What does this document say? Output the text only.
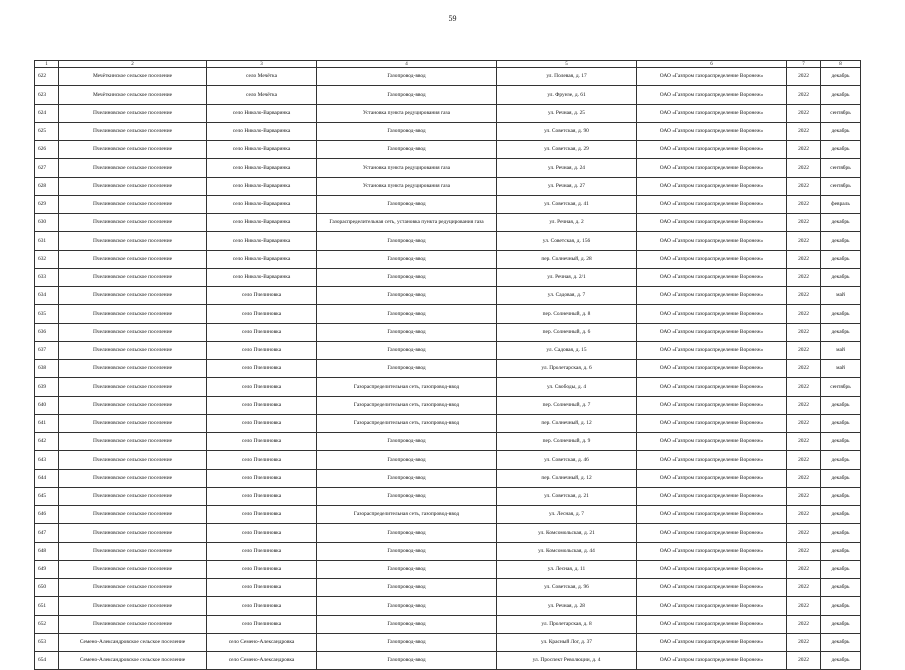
59
1	2	3	4	5	6	7	8
622	Мечёткинское сельское поселение	село Мечётка	Газопровод-ввод	ул. Полевая, д. 17	ОАО «Газпром газораспределение Воронеж»	2022	декабрь
623	Мечёткинское сельское поселение	село Мечётка	Газопровод-ввод	ул. Фрунзе, д. 61	ОАО «Газпром газораспределение Воронеж»	2022	декабрь
624	Пчелиновское сельское поселение	село Николо-Варваринка	Установка пункта редуцирования газа	ул. Речная, д. 25	ОАО «Газпром газораспределение Воронеж»	2022	сентябрь
625	Пчелиновское сельское поселение	село Николо-Варваринка	Газопровод-ввод	ул. Советская, д. 90	ОАО «Газпром газораспределение Воронеж»	2022	декабрь
626	Пчелиновское сельское поселение	село Николо-Варваринка	Газопровод-ввод	ул. Советская, д. 29	ОАО «Газпром газораспределение Воронеж»	2022	декабрь
627	Пчелиновское сельское поселение	село Николо-Варваринка	Установка пункта редуцирования газа	ул. Речная, д. 24	ОАО «Газпром газораспределение Воронеж»	2022	сентябрь
628	Пчелиновское сельское поселение	село Николо-Варваринка	Установка пункта редуцирования газа	ул. Речная, д. 27	ОАО «Газпром газораспределение Воронеж»	2022	сентябрь
629	Пчелиновское сельское поселение	село Николо-Варваринка	Газопровод-ввод	ул. Советская, д. 41	ОАО «Газпром газораспределение Воронеж»	2022	февраль
630	Пчелиновское сельское поселение	село Николо-Варваринка	Газораспределительная сеть, установка пункта редуцирования газа	ул. Речная, д. 2	ОАО «Газпром газораспределение Воронеж»	2022	декабрь
631	Пчелиновское сельское поселение	село Николо-Варваринка	Газопровод-ввод	ул. Советская, д. 156	ОАО «Газпром газораспределение Воронеж»	2022	декабрь
632	Пчелиновское сельское поселение	село Николо-Варваринка	Газопровод-ввод	пер. Солнечный, д. 28	ОАО «Газпром газораспределение Воронеж»	2022	декабрь
633	Пчелиновское сельское поселение	село Николо-Варваринка	Газопровод-ввод	ул. Речная, д. 2/1	ОАО «Газпром газораспределение Воронеж»	2022	декабрь
634	Пчелиновское сельское поселение	село Пчелиновка	Газопровод-ввод	ул. Садовая, д. 7	ОАО «Газпром газораспределение Воронеж»	2022	май
635	Пчелиновское сельское поселение	село Пчелиновка	Газопровод-ввод	пер. Солнечный, д. 8	ОАО «Газпром газораспределение Воронеж»	2022	декабрь
636	Пчелиновское сельское поселение	село Пчелиновка	Газопровод-ввод	пер. Солнечный, д. 6	ОАО «Газпром газораспределение Воронеж»	2022	декабрь
637	Пчелиновское сельское поселение	село Пчелиновка	Газопровод-ввод	ул. Садовая, д. 15	ОАО «Газпром газораспределение Воронеж»	2022	май
638	Пчелиновское сельское поселение	село Пчелиновка	Газопровод-ввод	ул. Пролетарская, д. 6	ОАО «Газпром газораспределение Воронеж»	2022	май
639	Пчелиновское сельское поселение	село Пчелиновка	Газораспределительная сеть, газопровод-ввод	ул. Свободы, д. 4	ОАО «Газпром газораспределение Воронеж»	2022	сентябрь
640	Пчелиновское сельское поселение	село Пчелиновка	Газораспределительная сеть, газопровод-ввод	пер. Солнечный, д. 7	ОАО «Газпром газораспределение Воронеж»	2022	декабрь
641	Пчелиновское сельское поселение	село Пчелиновка	Газораспределительная сеть, газопровод-ввод	пер. Солнечный, д. 12	ОАО «Газпром газораспределение Воронеж»	2022	декабрь
642	Пчелиновское сельское поселение	село Пчелиновка	Газопровод-ввод	пер. Солнечный, д. 9	ОАО «Газпром газораспределение Воронеж»	2022	декабрь
643	Пчелиновское сельское поселение	село Пчелиновка	Газопровод-ввод	ул. Советская, д. 46	ОАО «Газпром газораспределение Воронеж»	2022	декабрь
644	Пчелиновское сельское поселение	село Пчелиновка	Газопровод-ввод	пер. Солнечный, д. 12	ОАО «Газпром газораспределение Воронеж»	2022	декабрь
645	Пчелиновское сельское поселение	село Пчелиновка	Газопровод-ввод	ул. Советская, д. 21	ОАО «Газпром газораспределение Воронеж»	2022	декабрь
646	Пчелиновское сельское поселение	село Пчелиновка	Газораспределительная сеть, газопровод-ввод	ул. Лесная, д. 7	ОАО «Газпром газораспределение Воронеж»	2022	декабрь
647	Пчелиновское сельское поселение	село Пчелиновка	Газопровод-ввод	ул. Комсомольская, д. 21	ОАО «Газпром газораспределение Воронеж»	2022	декабрь
648	Пчелиновское сельское поселение	село Пчелиновка	Газопровод-ввод	ул. Комсомольская, д. 44	ОАО «Газпром газораспределение Воронеж»	2022	декабрь
649	Пчелиновское сельское поселение	село Пчелиновка	Газопровод-ввод	ул. Лесная, д. 11	ОАО «Газпром газораспределение Воронеж»	2022	декабрь
650	Пчелиновское сельское поселение	село Пчелиновка	Газопровод-ввод	ул. Советская, д. 96	ОАО «Газпром газораспределение Воронеж»	2022	декабрь
651	Пчелиновское сельское поселение	село Пчелиновка	Газопровод-ввод	ул. Речная, д. 28	ОАО «Газпром газораспределение Воронеж»	2022	декабрь
652	Пчелиновское сельское поселение	село Пчелиновка	Газопровод-ввод	ул. Пролетарская, д. 8	ОАО «Газпром газораспределение Воронеж»	2022	декабрь
653	Семено-Александровское сельское поселение	село Семено-Александровка	Газопровод-ввод	ул. Красный Лог, д. 37	ОАО «Газпром газораспределение Воронеж»	2022	декабрь
654	Семено-Александровское сельское поселение	село Семено-Александровка	Газопровод-ввод	ул. Проспект Революции, д. 4	ОАО «Газпром газораспределение Воронеж»	2022	декабрь
